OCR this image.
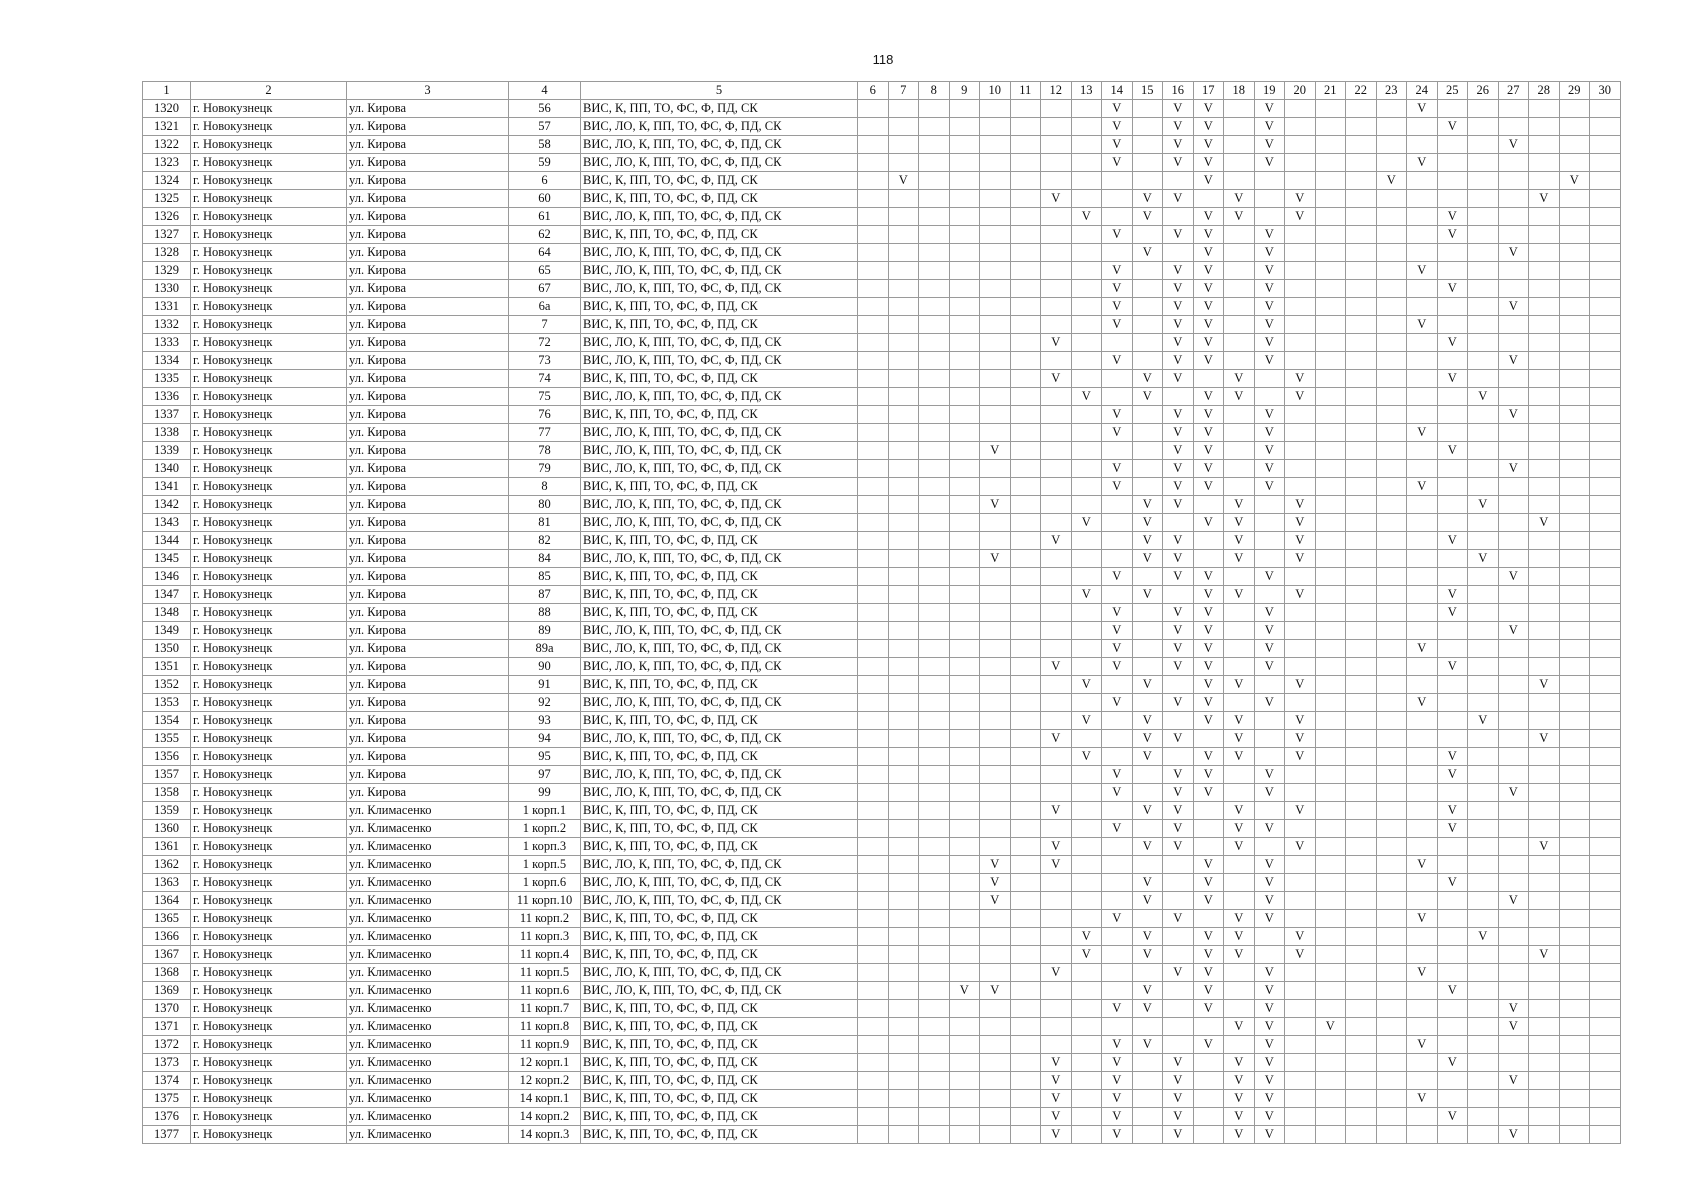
118
1	2	3	4	5	6	7	8	9	10	11	12	13	14	15	16	17	18	19	20	21	22	23	24	25	26	27	28	29	30
1320	г. Новокузнецк	ул. Кирова	56	ВИС, К, ПП, ТО, ФС, Ф, ПД, СК									V		V	V		V					V						
1321	г. Новокузнецк	ул. Кирова	57	ВИС, ЛО, К, ПП, ТО, ФС, Ф, ПД, СК									V		V	V		V						V					
1322	г. Новокузнецк	ул. Кирова	58	ВИС, ЛО, К, ПП, ТО, ФС, Ф, ПД, СК									V		V	V		V								V			
1323	г. Новокузнецк	ул. Кирова	59	ВИС, ЛО, К, ПП, ТО, ФС, Ф, ПД, СК									V		V	V		V					V						
1324	г. Новокузнецк	ул. Кирова	6	ВИС, К, ПП, ТО, ФС, Ф, ПД, СК		V										V						V						V	
1325	г. Новокузнецк	ул. Кирова	60	ВИС, К, ПП, ТО, ФС, Ф, ПД, СК							V			V	V		V		V								V		
1326	г. Новокузнецк	ул. Кирова	61	ВИС, ЛО, К, ПП, ТО, ФС, Ф, ПД, СК								V		V		V	V		V					V					
1327	г. Новокузнецк	ул. Кирова	62	ВИС, К, ПП, ТО, ФС, Ф, ПД, СК									V		V	V		V						V					
1328	г. Новокузнецк	ул. Кирова	64	ВИС, ЛО, К, ПП, ТО, ФС, Ф, ПД, СК										V		V		V								V			
1329	г. Новокузнецк	ул. Кирова	65	ВИС, ЛО, К, ПП, ТО, ФС, Ф, ПД, СК									V		V	V		V					V						
1330	г. Новокузнецк	ул. Кирова	67	ВИС, ЛО, К, ПП, ТО, ФС, Ф, ПД, СК									V		V	V		V						V					
1331	г. Новокузнецк	ул. Кирова	6а	ВИС, К, ПП, ТО, ФС, Ф, ПД, СК									V		V	V		V								V			
1332	г. Новокузнецк	ул. Кирова	7	ВИС, К, ПП, ТО, ФС, Ф, ПД, СК									V		V	V		V					V						
1333	г. Новокузнецк	ул. Кирова	72	ВИС, ЛО, К, ПП, ТО, ФС, Ф, ПД, СК							V				V	V		V						V					
1334	г. Новокузнецк	ул. Кирова	73	ВИС, ЛО, К, ПП, ТО, ФС, Ф, ПД, СК									V		V	V		V								V			
1335	г. Новокузнецк	ул. Кирова	74	ВИС, К, ПП, ТО, ФС, Ф, ПД, СК							V			V	V		V		V					V					
1336	г. Новокузнецк	ул. Кирова	75	ВИС, ЛО, К, ПП, ТО, ФС, Ф, ПД, СК								V		V		V	V		V						V				
1337	г. Новокузнецк	ул. Кирова	76	ВИС, К, ПП, ТО, ФС, Ф, ПД, СК									V		V	V		V								V			
1338	г. Новокузнецк	ул. Кирова	77	ВИС, ЛО, К, ПП, ТО, ФС, Ф, ПД, СК									V		V	V		V					V						
1339	г. Новокузнецк	ул. Кирова	78	ВИС, ЛО, К, ПП, ТО, ФС, Ф, ПД, СК					V						V	V		V						V					
1340	г. Новокузнецк	ул. Кирова	79	ВИС, ЛО, К, ПП, ТО, ФС, Ф, ПД, СК									V		V	V		V								V			
1341	г. Новокузнецк	ул. Кирова	8	ВИС, К, ПП, ТО, ФС, Ф, ПД, СК									V		V	V		V					V						
1342	г. Новокузнецк	ул. Кирова	80	ВИС, ЛО, К, ПП, ТО, ФС, Ф, ПД, СК					V					V	V		V		V						V				
1343	г. Новокузнецк	ул. Кирова	81	ВИС, ЛО, К, ПП, ТО, ФС, Ф, ПД, СК								V		V		V	V		V								V		
1344	г. Новокузнецк	ул. Кирова	82	ВИС, К, ПП, ТО, ФС, Ф, ПД, СК							V			V	V		V		V					V					
1345	г. Новокузнецк	ул. Кирова	84	ВИС, ЛО, К, ПП, ТО, ФС, Ф, ПД, СК					V					V	V		V		V						V				
1346	г. Новокузнецк	ул. Кирова	85	ВИС, К, ПП, ТО, ФС, Ф, ПД, СК									V		V	V		V								V			
1347	г. Новокузнецк	ул. Кирова	87	ВИС, К, ПП, ТО, ФС, Ф, ПД, СК								V		V		V	V		V					V					
1348	г. Новокузнецк	ул. Кирова	88	ВИС, К, ПП, ТО, ФС, Ф, ПД, СК									V		V	V		V						V					
1349	г. Новокузнецк	ул. Кирова	89	ВИС, ЛО, К, ПП, ТО, ФС, Ф, ПД, СК									V		V	V		V								V			
1350	г. Новокузнецк	ул. Кирова	89а	ВИС, ЛО, К, ПП, ТО, ФС, Ф, ПД, СК									V		V	V		V					V						
1351	г. Новокузнецк	ул. Кирова	90	ВИС, ЛО, К, ПП, ТО, ФС, Ф, ПД, СК							V		V		V	V		V						V					
1352	г. Новокузнецк	ул. Кирова	91	ВИС, К, ПП, ТО, ФС, Ф, ПД, СК								V		V		V	V		V								V		
1353	г. Новокузнецк	ул. Кирова	92	ВИС, ЛО, К, ПП, ТО, ФС, Ф, ПД, СК									V		V	V		V					V						
1354	г. Новокузнецк	ул. Кирова	93	ВИС, К, ПП, ТО, ФС, Ф, ПД, СК								V		V		V	V		V						V				
1355	г. Новокузнецк	ул. Кирова	94	ВИС, ЛО, К, ПП, ТО, ФС, Ф, ПД, СК							V			V	V		V		V								V		
1356	г. Новокузнецк	ул. Кирова	95	ВИС, К, ПП, ТО, ФС, Ф, ПД, СК								V		V		V	V		V					V					
1357	г. Новокузнецк	ул. Кирова	97	ВИС, ЛО, К, ПП, ТО, ФС, Ф, ПД, СК									V		V	V		V						V					
1358	г. Новокузнецк	ул. Кирова	99	ВИС, ЛО, К, ПП, ТО, ФС, Ф, ПД, СК									V		V	V		V								V			
1359	г. Новокузнецк	ул. Климасенко	1 корп.1	ВИС, К, ПП, ТО, ФС, Ф, ПД, СК							V			V	V		V		V					V					
1360	г. Новокузнецк	ул. Климасенко	1 корп.2	ВИС, К, ПП, ТО, ФС, Ф, ПД, СК									V		V		V	V						V					
1361	г. Новокузнецк	ул. Климасенко	1 корп.3	ВИС, К, ПП, ТО, ФС, Ф, ПД, СК							V			V	V		V		V								V		
1362	г. Новокузнецк	ул. Климасенко	1 корп.5	ВИС, ЛО, К, ПП, ТО, ФС, Ф, ПД, СК					V		V					V		V					V						
1363	г. Новокузнецк	ул. Климасенко	1 корп.6	ВИС, ЛО, К, ПП, ТО, ФС, Ф, ПД, СК					V					V		V		V						V					
1364	г. Новокузнецк	ул. Климасенко	11 корп.10	ВИС, ЛО, К, ПП, ТО, ФС, Ф, ПД, СК					V					V		V		V								V			
1365	г. Новокузнецк	ул. Климасенко	11 корп.2	ВИС, К, ПП, ТО, ФС, Ф, ПД, СК									V		V		V	V					V						
1366	г. Новокузнецк	ул. Климасенко	11 корп.3	ВИС, К, ПП, ТО, ФС, Ф, ПД, СК								V		V		V	V		V						V				
1367	г. Новокузнецк	ул. Климасенко	11 корп.4	ВИС, К, ПП, ТО, ФС, Ф, ПД, СК								V		V		V	V		V								V		
1368	г. Новокузнецк	ул. Климасенко	11 корп.5	ВИС, ЛО, К, ПП, ТО, ФС, Ф, ПД, СК							V				V	V		V					V						
1369	г. Новокузнецк	ул. Климасенко	11 корп.6	ВИС, ЛО, К, ПП, ТО, ФС, Ф, ПД, СК				V	V					V		V		V						V					
1370	г. Новокузнецк	ул. Климасенко	11 корп.7	ВИС, К, ПП, ТО, ФС, Ф, ПД, СК									V	V		V		V								V			
1371	г. Новокузнецк	ул. Климасенко	11 корп.8	ВИС, К, ПП, ТО, ФС, Ф, ПД, СК													V	V		V						V			
1372	г. Новокузнецк	ул. Климасенко	11 корп.9	ВИС, К, ПП, ТО, ФС, Ф, ПД, СК									V	V		V		V					V						
1373	г. Новокузнецк	ул. Климасенко	12 корп.1	ВИС, К, ПП, ТО, ФС, Ф, ПД, СК							V		V		V		V	V						V					
1374	г. Новокузнецк	ул. Климасенко	12 корп.2	ВИС, К, ПП, ТО, ФС, Ф, ПД, СК							V		V		V		V	V								V			
1375	г. Новокузнецк	ул. Климасенко	14 корп.1	ВИС, К, ПП, ТО, ФС, Ф, ПД, СК							V		V		V		V	V					V						
1376	г. Новокузнецк	ул. Климасенко	14 корп.2	ВИС, К, ПП, ТО, ФС, Ф, ПД, СК							V		V		V		V	V						V					
1377	г. Новокузнецк	ул. Климасенко	14 корп.3	ВИС, К, ПП, ТО, ФС, Ф, ПД, СК							V		V		V		V	V								V			
